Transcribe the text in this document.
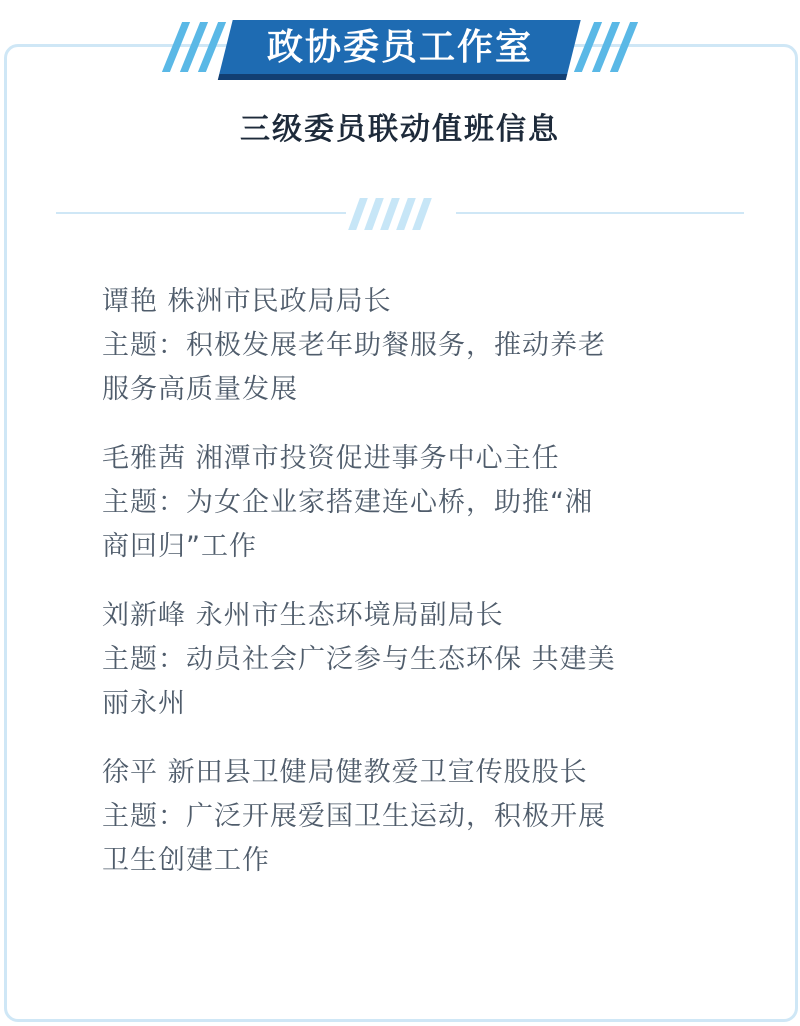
政协委员工作室
三级委员联动值班信息

谭艳 株洲市民政局局长

主题：积极发展老年助餐服务，推动养老

服务高质量发展

毛雅茜 湘潭市投资促进事务中心主任

主题：为女企业家搭建连心桥，助推“湘

商回归”工作

刘新峰 永州市生态环境局副局长

主题：动员社会广泛参与生态环保 共建美

丽永州

徐平 新田县卫健局健教爱卫宣传股股长

主题：广泛开展爱国卫生运动，积极开展

卫生创建工作
